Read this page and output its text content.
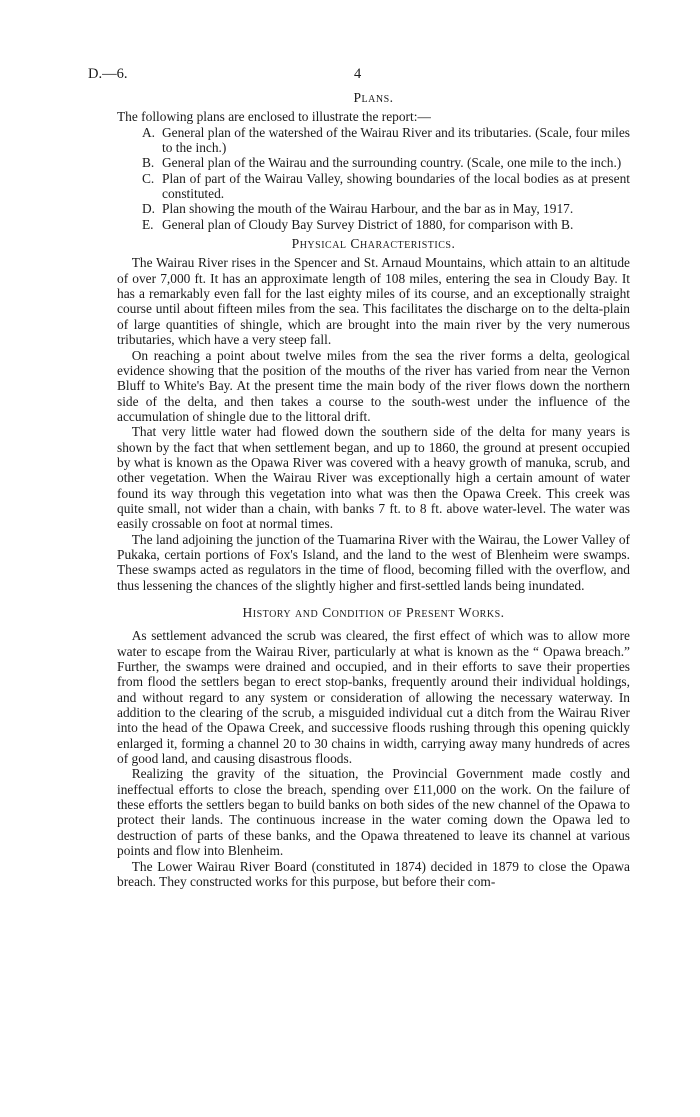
D.—6.	4
Plans.

The following plans are enclosed to illustrate the report:—

A. General plan of the watershed of the Wairau River and its tributaries. (Scale, four miles to the inch.)
B. General plan of the Wairau and the surrounding country. (Scale, one mile to the inch.)
C. Plan of part of the Wairau Valley, showing boundaries of the local bodies as at present constituted.
D. Plan showing the mouth of the Wairau Harbour, and the bar as in May, 1917.
E. General plan of Cloudy Bay Survey District of 1880, for comparison with B.
Physical Characteristics.

The Wairau River rises in the Spencer and St. Arnaud Mountains, which attain to an altitude of over 7,000 ft. It has an approximate length of 108 miles, entering the sea in Cloudy Bay. It has a remarkably even fall for the last eighty miles of its course, and an exceptionally straight course until about fifteen miles from the sea. This facilitates the discharge on to the delta-plain of large quantities of shingle, which are brought into the main river by the very numerous tributaries, which have a very steep fall.

On reaching a point about twelve miles from the sea the river forms a delta, geological evidence showing that the position of the mouths of the river has varied from near the Vernon Bluff to White's Bay. At the present time the main body of the river flows down the northern side of the delta, and then takes a course to the south-west under the influence of the accumulation of shingle due to the littoral drift.

That very little water had flowed down the southern side of the delta for many years is shown by the fact that when settlement began, and up to 1860, the ground at present occupied by what is known as the Opawa River was covered with a heavy growth of manuka, scrub, and other vegetation. When the Wairau River was exceptionally high a certain amount of water found its way through this vegetation into what was then the Opawa Creek. This creek was quite small, not wider than a chain, with banks 7 ft. to 8 ft. above water-level. The water was easily crossable on foot at normal times.

The land adjoining the junction of the Tuamarina River with the Wairau, the Lower Valley of Pukaka, certain portions of Fox's Island, and the land to the west of Blenheim were swamps. These swamps acted as regulators in the time of flood, becoming filled with the overflow, and thus lessening the chances of the slightly higher and first-settled lands being inundated.

History and Condition of Present Works.

As settlement advanced the scrub was cleared, the first effect of which was to allow more water to escape from the Wairau River, particularly at what is known as the “ Opawa breach.” Further, the swamps were drained and occupied, and in their efforts to save their properties from flood the settlers began to erect stop-banks, frequently around their individual holdings, and without regard to any system or consideration of allowing the necessary waterway. In addition to the clearing of the scrub, a misguided individual cut a ditch from the Wairau River into the head of the Opawa Creek, and successive floods rushing through this opening quickly enlarged it, forming a channel 20 to 30 chains in width, carrying away many hundreds of acres of good land, and causing disastrous floods.

Realizing the gravity of the situation, the Provincial Government made costly and ineffectual efforts to close the breach, spending over £11,000 on the work. On the failure of these efforts the settlers began to build banks on both sides of the new channel of the Opawa to protect their lands. The continuous increase in the water coming down the Opawa led to destruction of parts of these banks, and the Opawa threatened to leave its channel at various points and flow into Blenheim.

The Lower Wairau River Board (constituted in 1874) decided in 1879 to close the Opawa breach. They constructed works for this purpose, but before their com-
